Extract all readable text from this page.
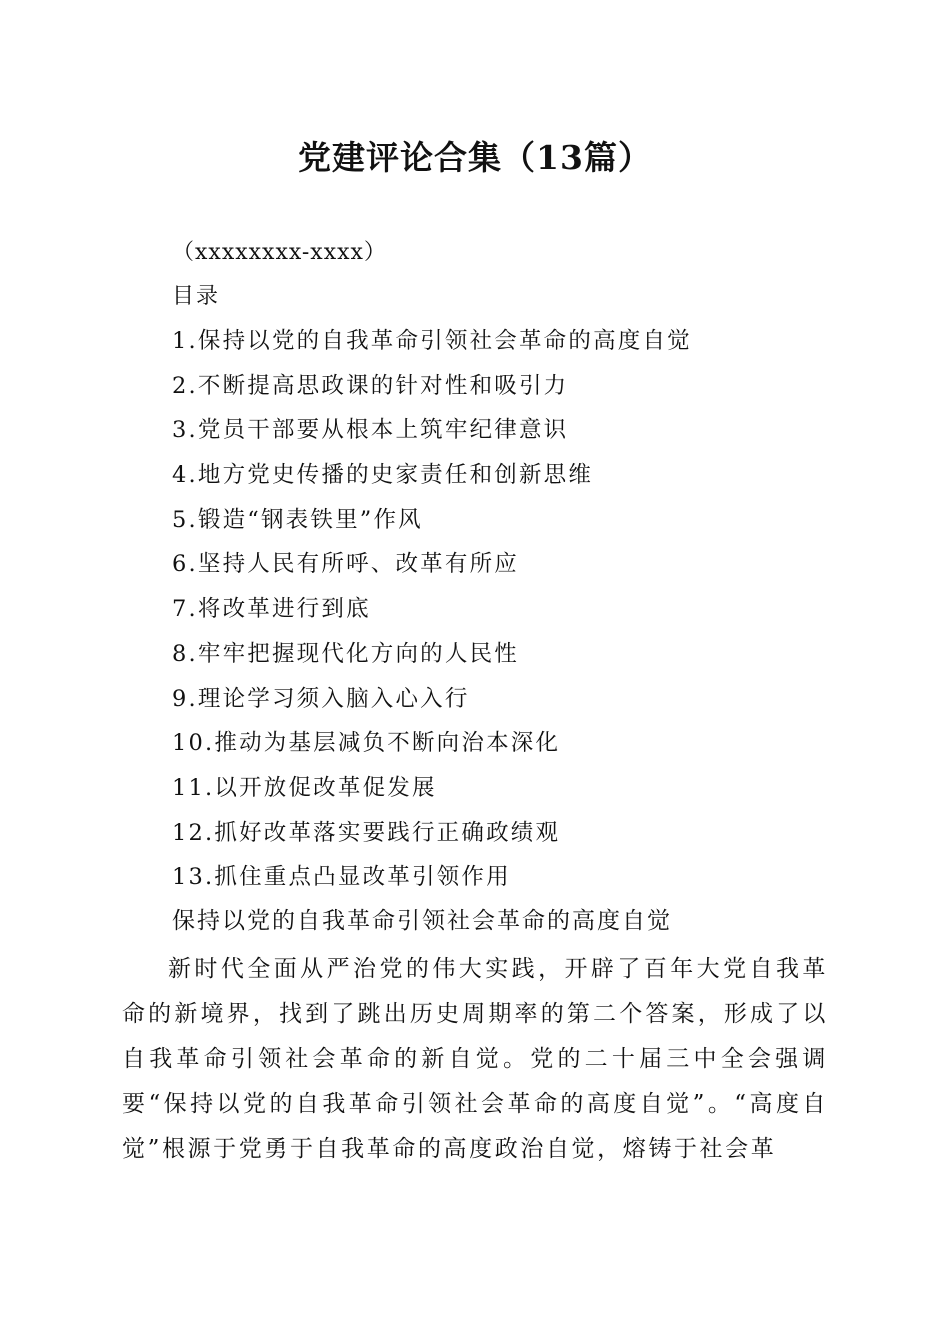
党建评论合集（13篇）
（xxxxxxxx-xxxx）
目录
1.保持以党的自我革命引领社会革命的高度自觉
2.不断提高思政课的针对性和吸引力
3.党员干部要从根本上筑牢纪律意识
4.地方党史传播的史家责任和创新思维
5.锻造“钢表铁里”作风
6.坚持人民有所呼、改革有所应
7.将改革进行到底
8.牢牢把握现代化方向的人民性
9.理论学习须入脑入心入行
10.推动为基层减负不断向治本深化
11.以开放促改革促发展
12.抓好改革落实要践行正确政绩观
13.抓住重点凸显改革引领作用
保持以党的自我革命引领社会革命的高度自觉

新时代全面从严治党的伟大实践，开辟了百年大党自我革命的新境界，找到了跳出历史周期率的第二个答案，形成了以自我革命引领社会革命的新自觉。党的二十届三中全会强调要“保持以党的自我革命引领社会革命的高度自觉”。“高度自觉”根源于党勇于自我革命的高度政治自觉，熔铸于社会革
